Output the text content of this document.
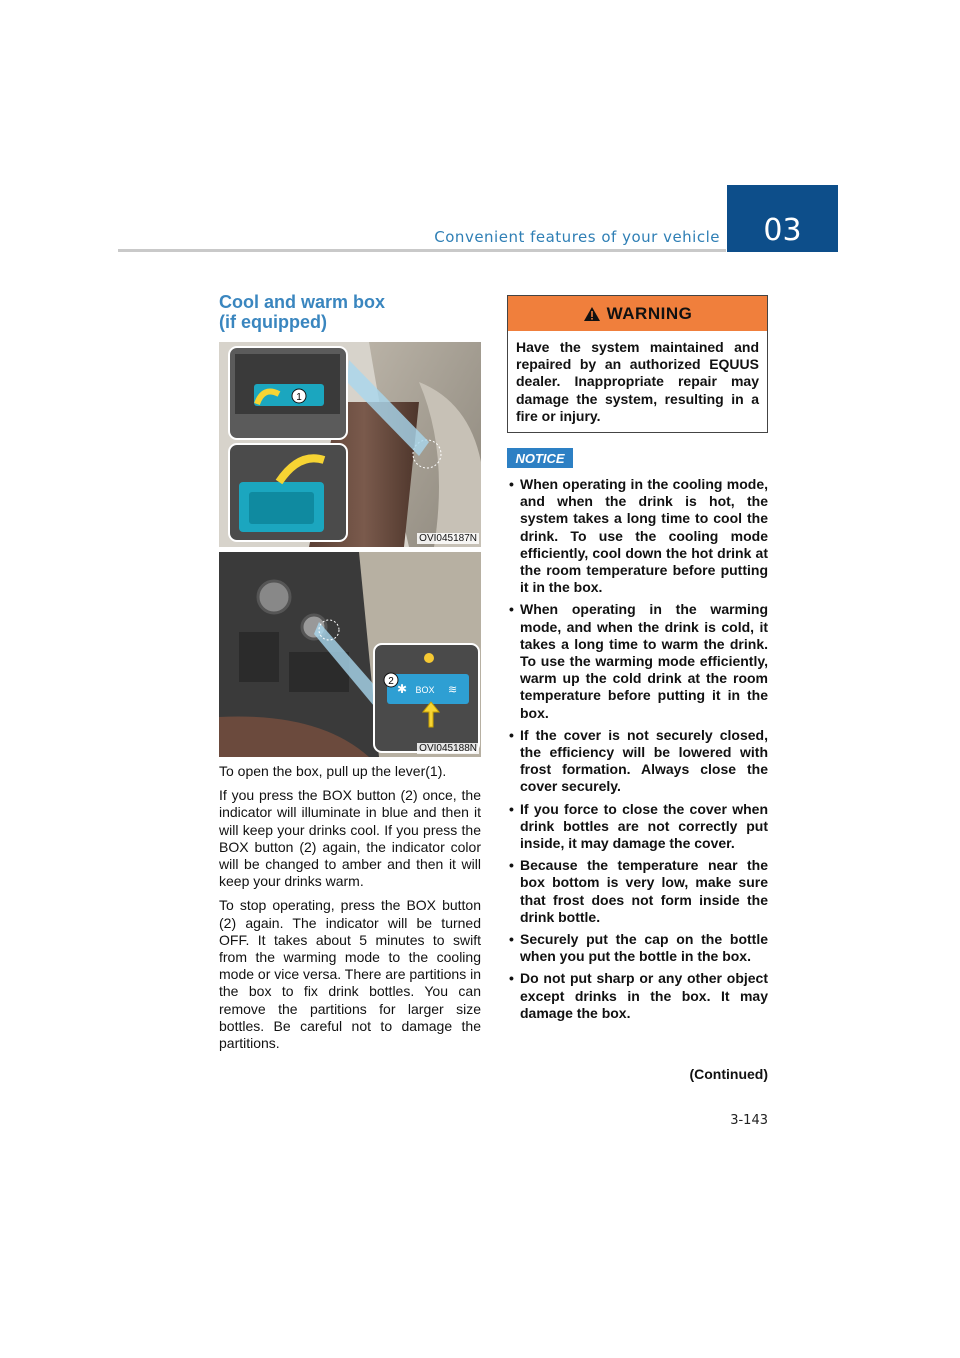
Convenient features of your vehicle 03
Cool and warm box
(if equipped)
1
OVI045187N
BOX
✱	≋
2
OVI045188N

To open the box, pull up the lever(1).

If you press the BOX button (2) once, the indicator will illuminate in blue and then it will keep your drinks cool. If you press the BOX button (2) again, the indicator color will be changed to amber and then it will keep your drinks warm.

To stop operating, press the BOX button (2) again. The indicator will be turned OFF. It takes about 5 minutes to swift from the warming mode to the cooling mode or vice versa. There are partitions in the box to fix drink bottles. You can remove the partitions for larger size bottles. Be careful not to damage the partitions.

WARNING
Have the system maintained and repaired by an authorized EQUUS dealer. Inappropriate repair may damage the system, resulting in a fire or injury.
NOTICE
• When operating in the cooling mode, and when the drink is hot, the system takes a long time to cool the drink. To use the cooling mode efficiently, cool down the hot drink at the room temperature before putting it in the box.
• When operating in the warming mode, and when the drink is cold, it takes a long time to warm the drink. To use the warming mode efficiently, warm up the cold drink at the room temperature before putting it in the box.
• If the cover is not securely closed, the efficiency will be lowered with frost formation. Always close the cover securely.
• If you force to close the cover when drink bottles are not correctly put inside, it may damage the cover.
• Because the temperature near the box bottom is very low, make sure that frost does not form inside the drink bottle.
• Securely put the cap on the bottle when you put the bottle in the box.
• Do not put sharp or any other object except drinks in the box. It may damage the box.
(Continued)
3-143
